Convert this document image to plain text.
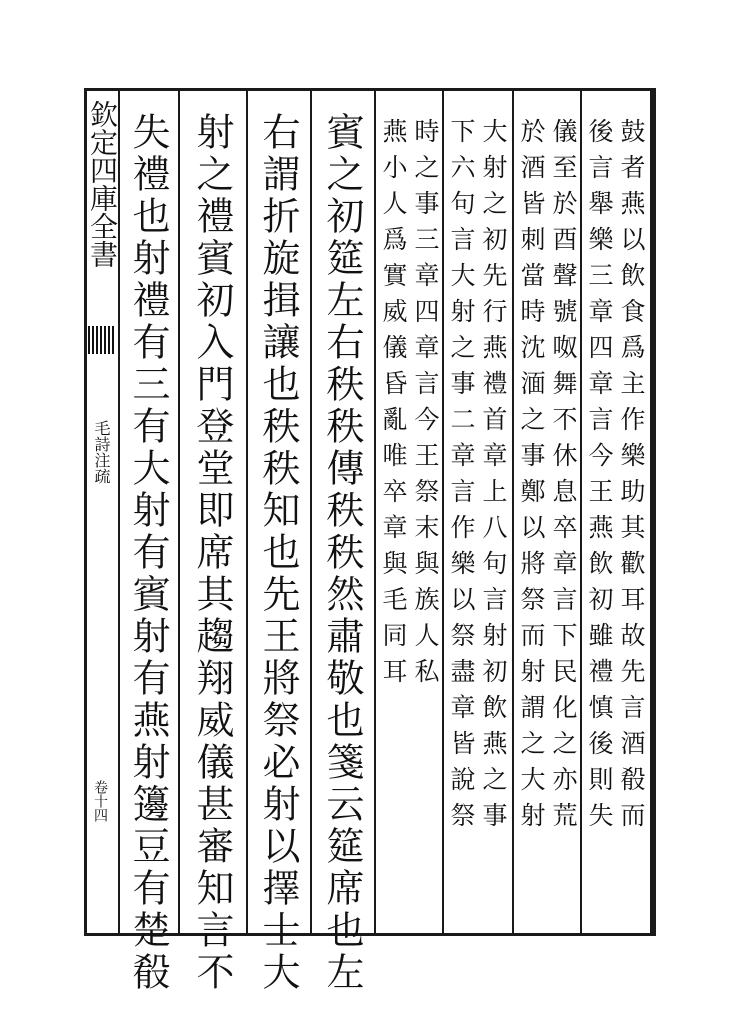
欽定四庫全書
毛詩注疏
卷十四	鼓者燕以飲食爲主作樂助其歡耳故先言酒殽而
後言舉樂三章四章言今王燕飲初雖禮慎後則失
儀至於酉聲號呶舞不休息卒章言下民化之亦荒
於酒皆刺當時沈湎之事鄭以將祭而射謂之大射
大射之初先行燕禮首章上八句言射初飲燕之事
下六句言大射之事二章言作樂以祭盡章皆說祭
時之事三章四章言今王祭末與族人私
燕小人爲實威儀昏亂唯卒章與毛同耳
賓之初筵左右秩秩傳秩秩然肅敬也箋云筵席也左
右謂折旋揖讓也秩秩知也先王將祭必射以擇士大
射之禮賓初入門登堂即席其趨翔威儀甚審知言不
失禮也射禮有三有大射有賓射有燕射籩豆有楚殽
